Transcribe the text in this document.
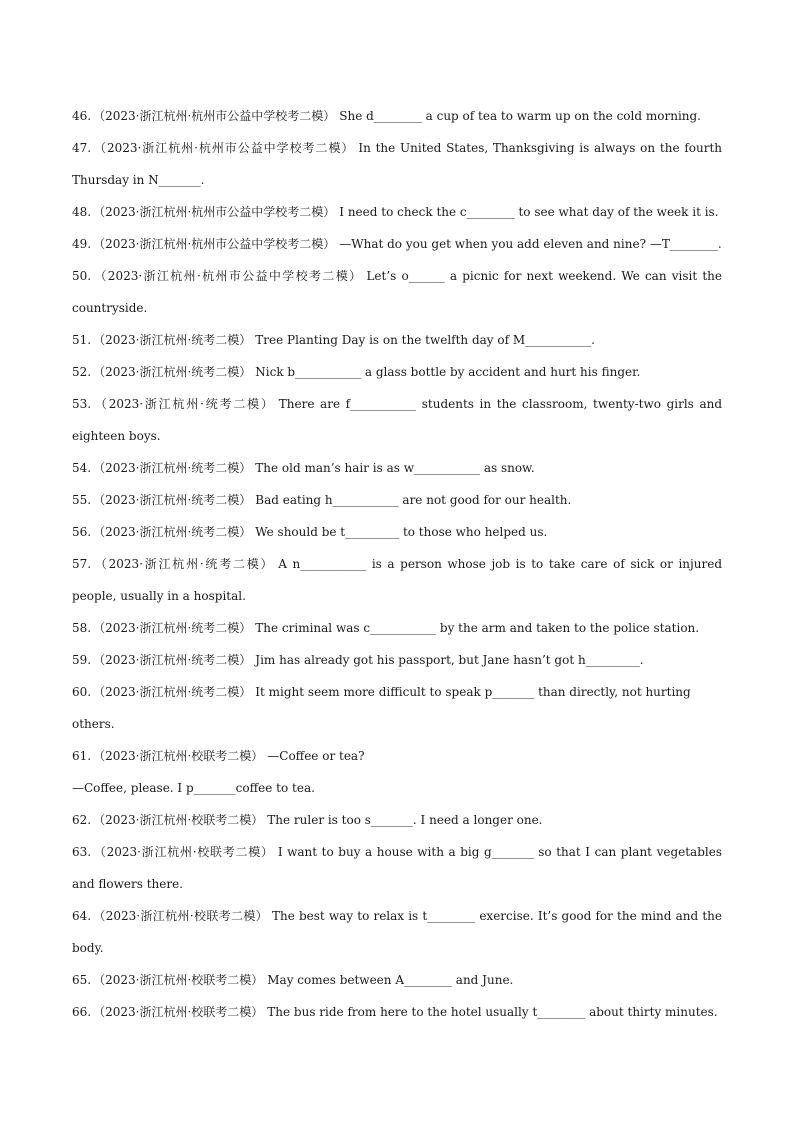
46. （2023·浙江杭州·杭州市公益中学校考二模） She d________ a cup of tea to warm up on the cold morning.

47. （2023·浙江杭州·杭州市公益中学校考二模） In the United States, Thanksgiving is always on the fourth Thursday in N_______.

48. （2023·浙江杭州·杭州市公益中学校考二模） I need to check the c________ to see what day of the week it is.

49. （2023·浙江杭州·杭州市公益中学校考二模） —What do you get when you add eleven and nine? —T________.

50. （2023·浙江杭州·杭州市公益中学校考二模） Let’s o______ a picnic for next weekend. We can visit the countryside.

51. （2023·浙江杭州·统考二模） Tree Planting Day is on the twelfth day of M___________.

52. （2023·浙江杭州·统考二模） Nick b___________ a glass bottle by accident and hurt his finger.

53. （2023·浙江杭州·统考二模） There are f___________ students in the classroom, twenty-two girls and eighteen boys.

54. （2023·浙江杭州·统考二模） The old man’s hair is as w___________ as snow.

55. （2023·浙江杭州·统考二模） Bad eating h___________ are not good for our health.

56. （2023·浙江杭州·统考二模） We should be t_________ to those who helped us.

57. （2023·浙江杭州·统考二模） A n___________ is a person whose job is to take care of sick or injured people, usually in a hospital.

58. （2023·浙江杭州·统考二模） The criminal was c___________ by the arm and taken to the police station.

59. （2023·浙江杭州·统考二模） Jim has already got his passport, but Jane hasn’t got h_________.

60. （2023·浙江杭州·统考二模） It might seem more difficult to speak p_______ than directly, not hurting others.

61. （2023·浙江杭州·校联考二模） —Coffee or tea?

—Coffee, please. I p_______coffee to tea.

62. （2023·浙江杭州·校联考二模） The ruler is too s_______. I need a longer one.

63. （2023·浙江杭州·校联考二模） I want to buy a house with a big g_______ so that I can plant vegetables and flowers there.

64. （2023·浙江杭州·校联考二模） The best way to relax is t________ exercise. It’s good for the mind and the body.

65. （2023·浙江杭州·校联考二模） May comes between A________ and June.

66. （2023·浙江杭州·校联考二模） The bus ride from here to the hotel usually t________ about thirty minutes.
